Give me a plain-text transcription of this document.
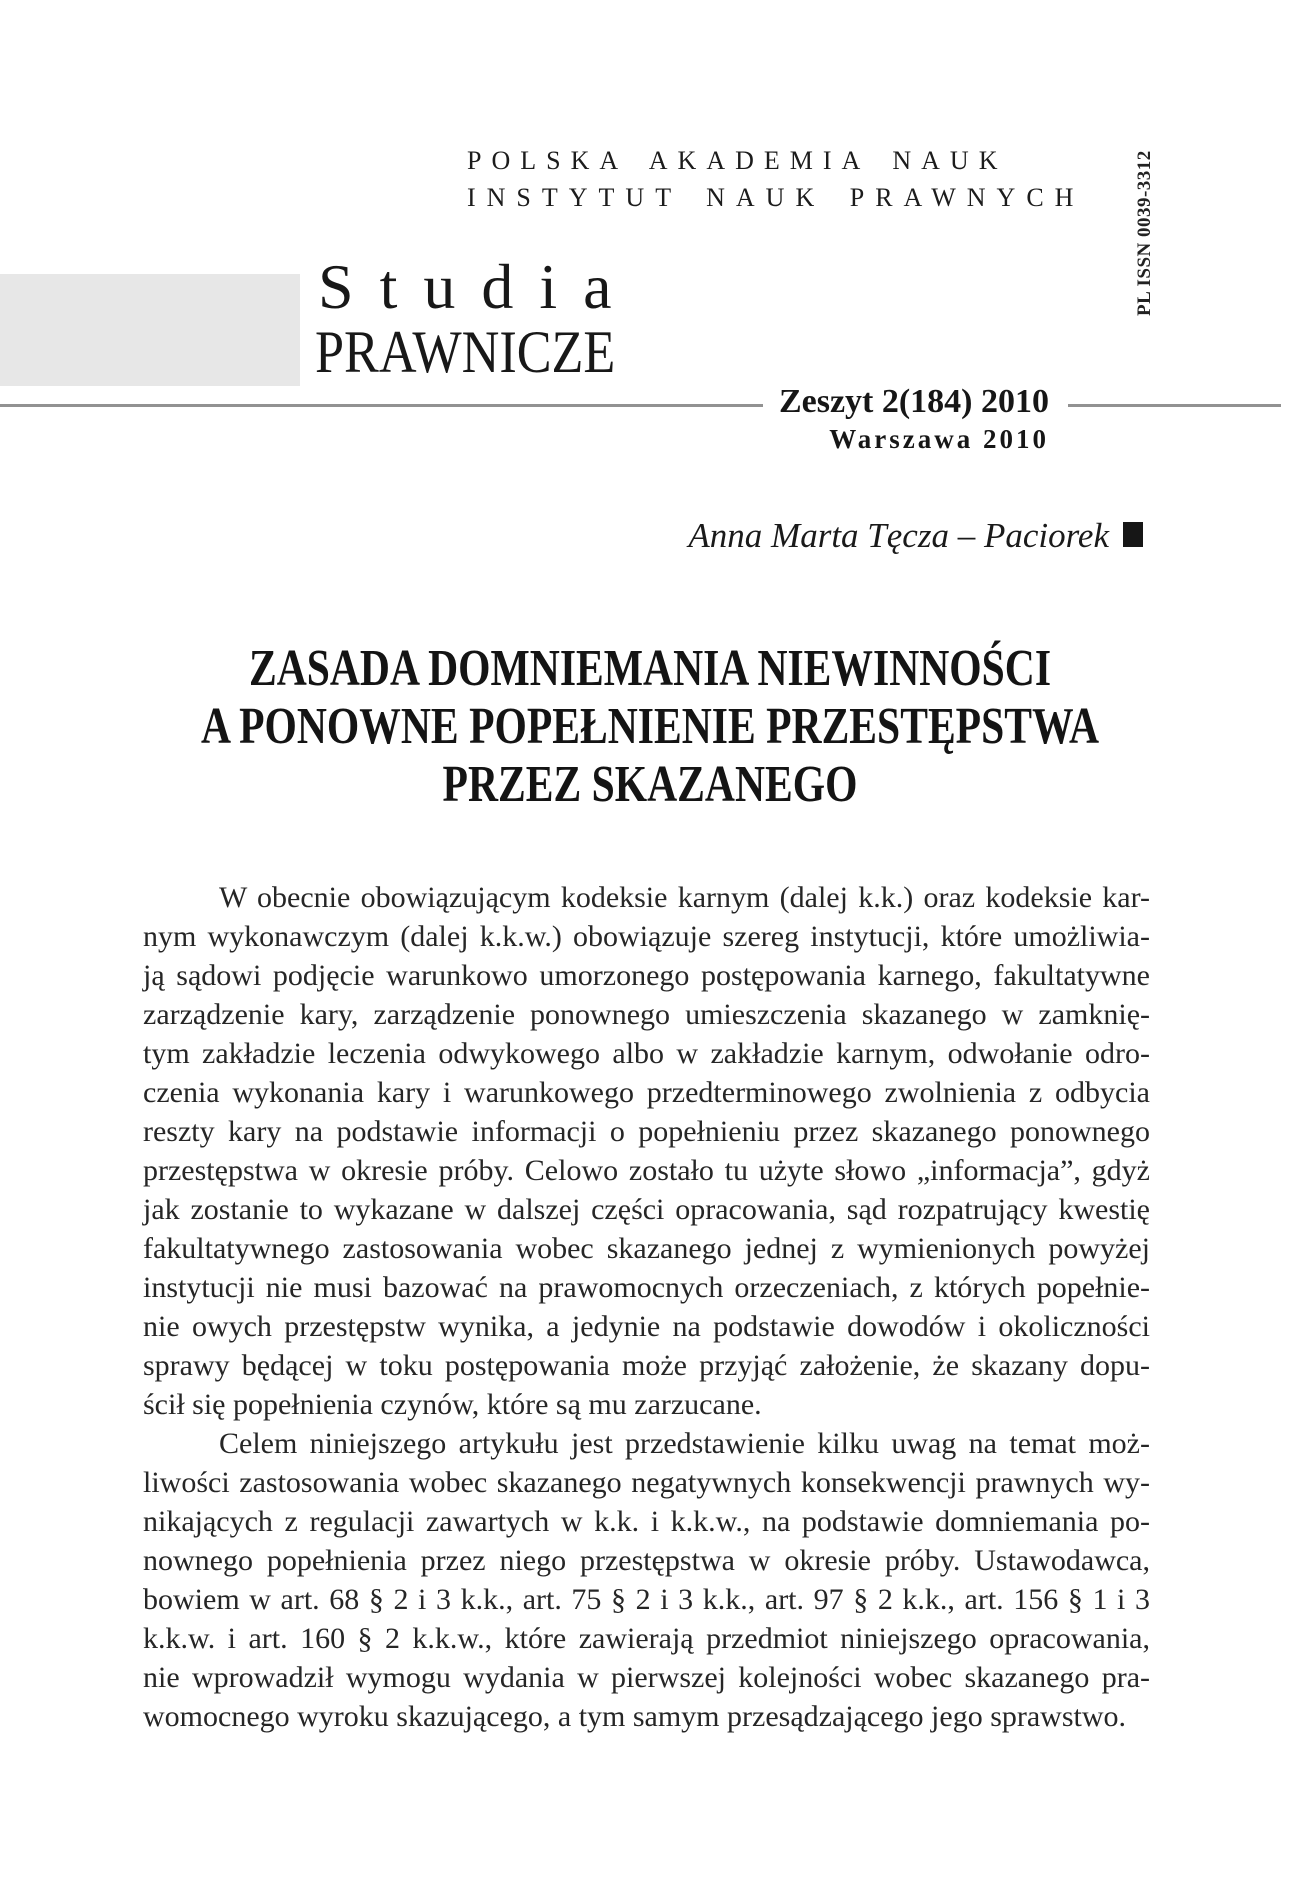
POLSKA AKADEMIA NAUK
INSTYTUT NAUK PRAWNYCH	PL ISSN 0039-3312
Studia
PRAWNICZE
Zeszyt 2(184) 2010
Warszawa 2010
Anna Marta Tęcza – Paciorek
ZASADA DOMNIEMANIA NIEWINNOŚCI
A PONOWNE POPEŁNIENIE PRZESTĘPSTWA
PRZEZ SKAZANEGO
W obecnie obowiązującym kodeksie karnym (dalej k.k.) oraz kodeksie kar-
nym wykonawczym (dalej k.k.w.) obowiązuje szereg instytucji, które umożliwia-
ją sądowi podjęcie warunkowo umorzonego postępowania karnego, fakultatywne
zarządzenie kary, zarządzenie ponownego umieszczenia skazanego w zamknię-
tym zakładzie leczenia odwykowego albo w zakładzie karnym, odwołanie odro-
czenia wykonania kary i warunkowego przedterminowego zwolnienia z odbycia
reszty kary na podstawie informacji o popełnieniu przez skazanego ponownego
przestępstwa w okresie próby. Celowo zostało tu użyte słowo „informacja”, gdyż
jak zostanie to wykazane w dalszej części opracowania, sąd rozpatrujący kwestię
fakultatywnego zastosowania wobec skazanego jednej z wymienionych powyżej
instytucji nie musi bazować na prawomocnych orzeczeniach, z których popełnie-
nie owych przestępstw wynika, a jedynie na podstawie dowodów i okoliczności
sprawy będącej w toku postępowania może przyjąć założenie, że skazany dopu-
ścił się popełnienia czynów, które są mu zarzucane.
Celem niniejszego artykułu jest przedstawienie kilku uwag na temat moż-
liwości zastosowania wobec skazanego negatywnych konsekwencji prawnych wy-
nikających z regulacji zawartych w k.k. i k.k.w., na podstawie domniemania po-
nownego popełnienia przez niego przestępstwa w okresie próby. Ustawodawca,
bowiem w art. 68 § 2 i 3 k.k., art. 75 § 2 i 3 k.k., art. 97 § 2 k.k., art. 156 § 1 i 3
k.k.w. i art. 160 § 2 k.k.w., które zawierają przedmiot niniejszego opracowania,
nie wprowadził wymogu wydania w pierwszej kolejności wobec skazanego pra-
womocnego wyroku skazującego, a tym samym przesądzającego jego sprawstwo.
